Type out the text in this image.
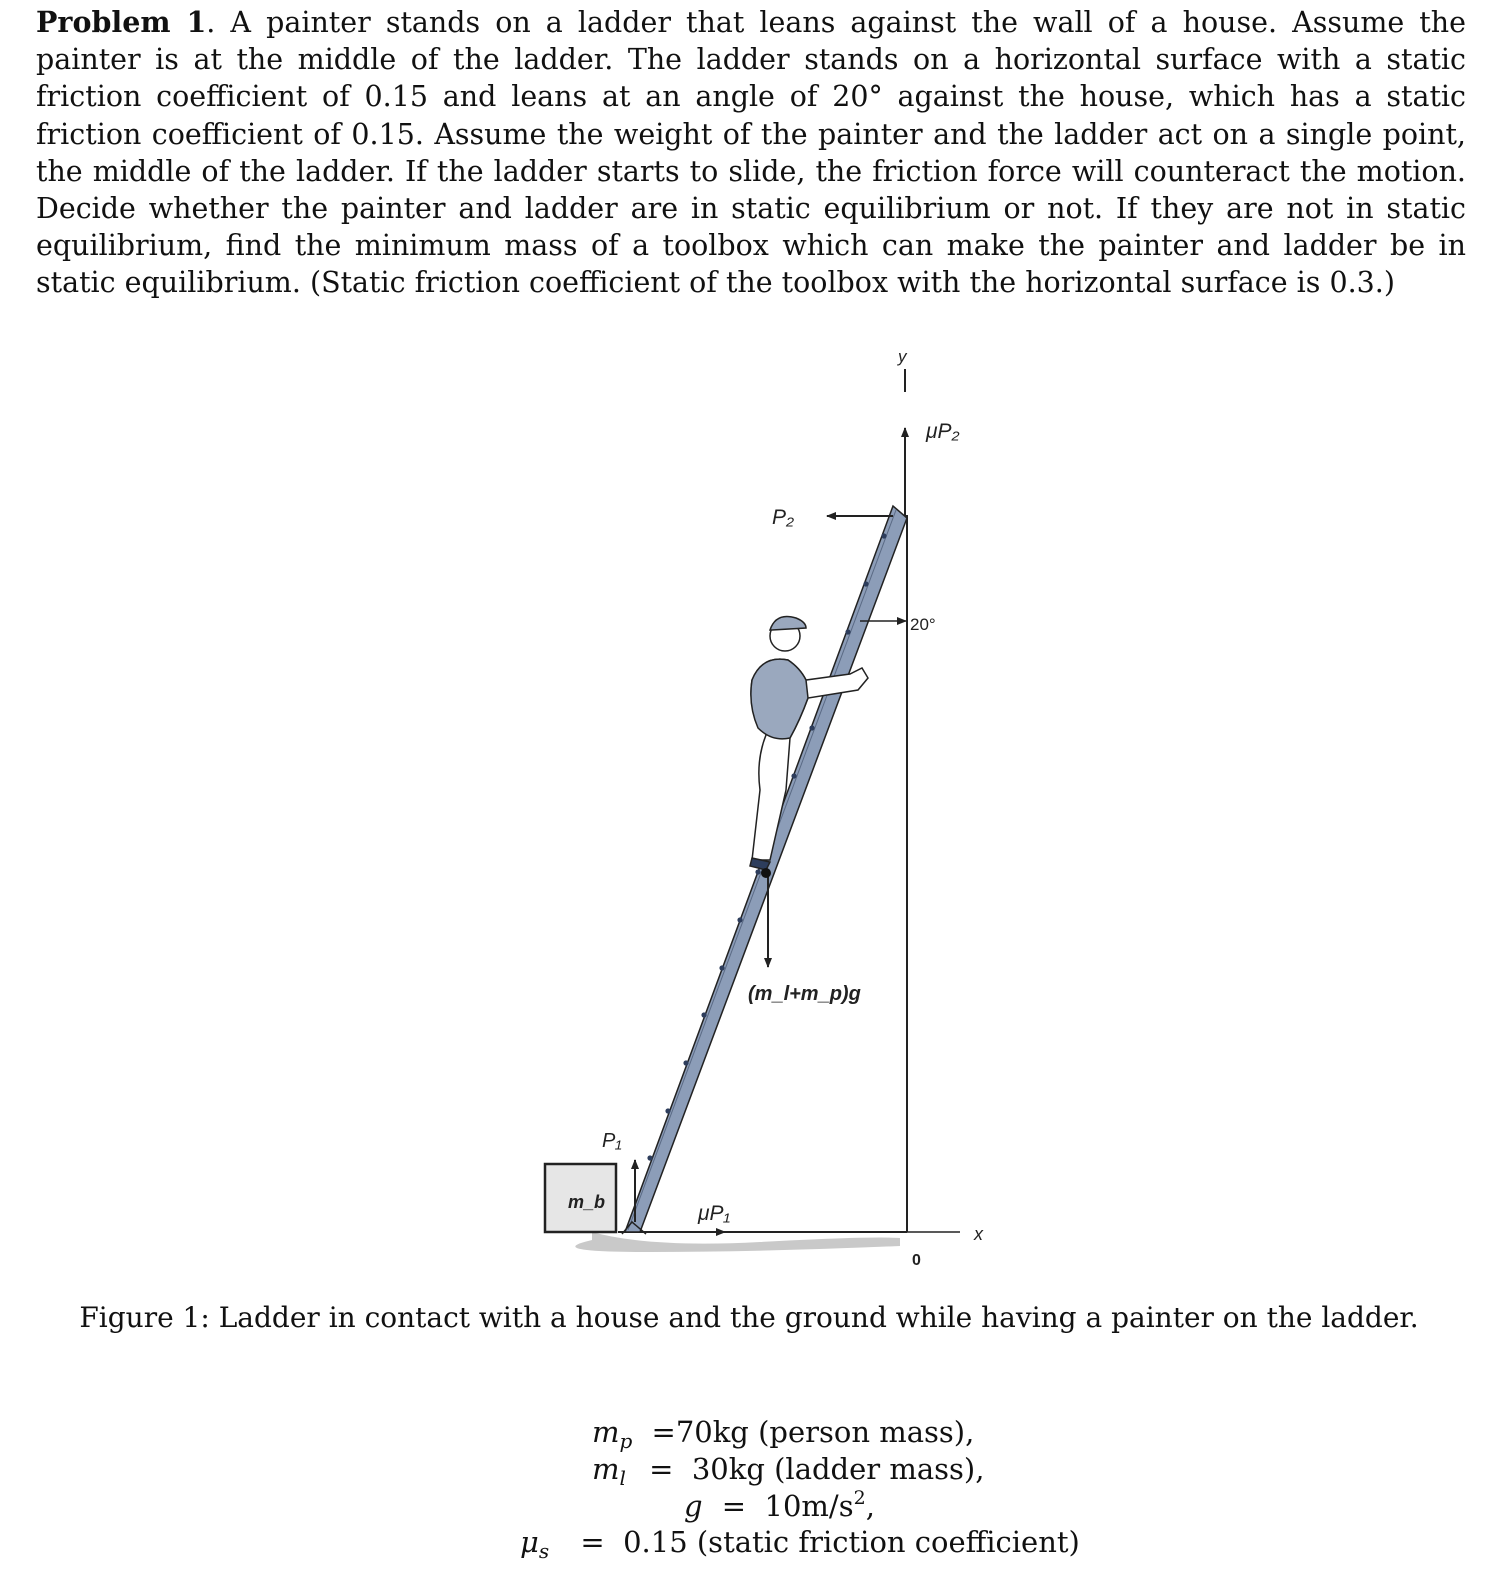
Problem 1. A painter stands on a ladder that leans against the wall of a house. Assume the painter is at the middle of the ladder. The ladder stands on a horizontal surface with a static friction coefficient of 0.15 and leans at an angle of 20° against the house, which has a static friction coefficient of 0.15. Assume the weight of the painter and the ladder act on a single point, the middle of the ladder. If the ladder starts to slide, the friction force will counteract the motion. Decide whether the painter and ladder are in static equilibrium or not. If they are not in static equilibrium, find the minimum mass of a toolbox which can make the painter and ladder be in static equilibrium. (Static friction coefficient of the toolbox with the horizontal surface is 0.3.)
y
μP₂
P₂
20°
(m_l+m_p)g
P₁
m_b	μP₁
0
x
Figure 1: Ladder in contact with a house and the ground while having a painter on the ladder.
$m_p =70kg$ (person mass),
$m_l = 30kg$ (ladder mass),
$g = 10m/s^2$,
$\mu_s = 0.15$ (static friction coefficient)
